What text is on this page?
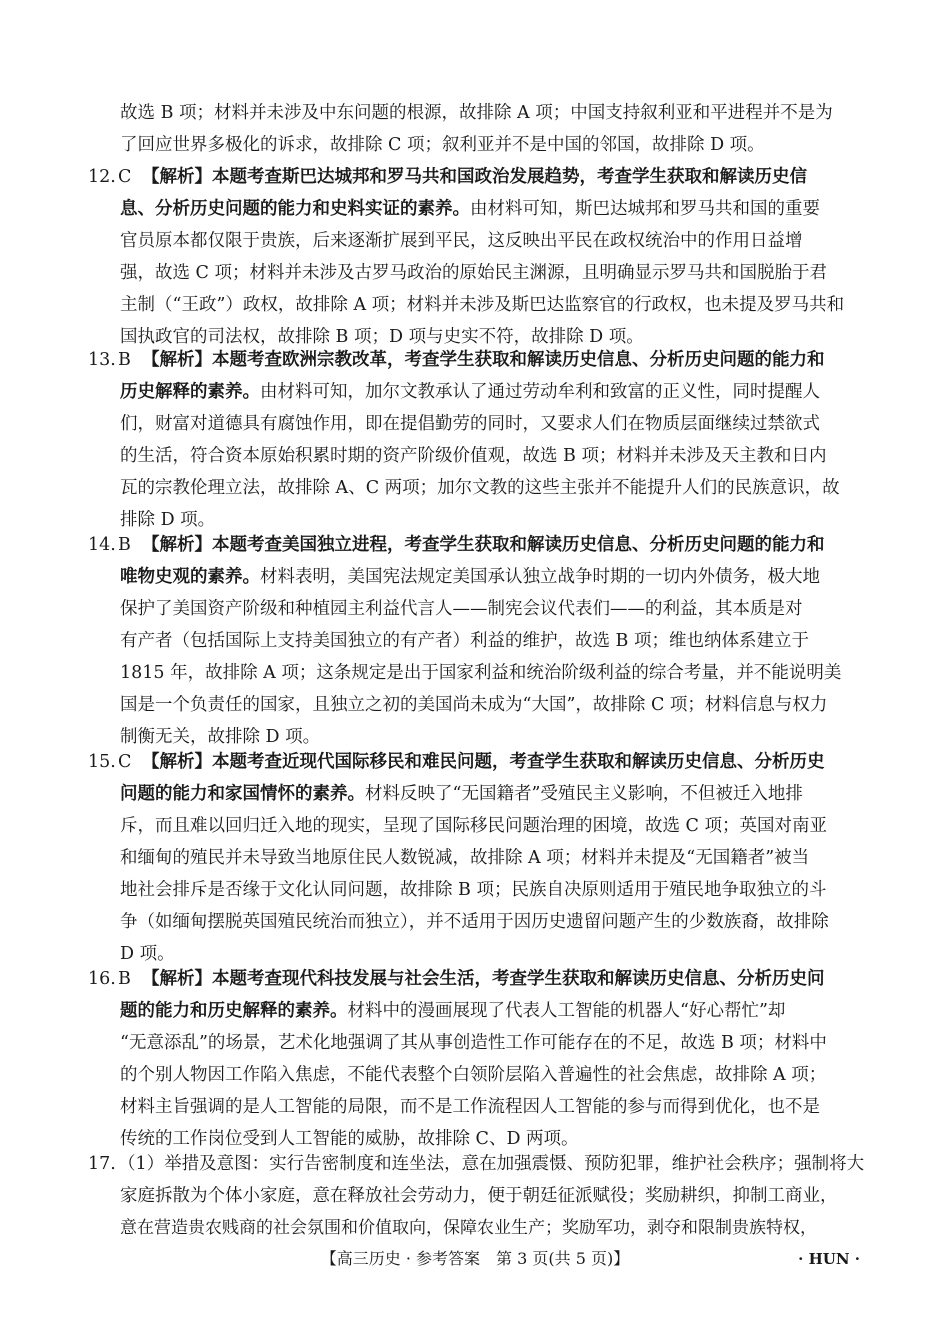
故选 B 项；材料并未涉及中东问题的根源，故排除 A 项；中国支持叙利亚和平进程并不是为
了回应世界多极化的诉求，故排除 C 项；叙利亚并不是中国的邻国，故排除 D 项。
12. C 【解析】本题考查斯巴达城邦和罗马共和国政治发展趋势，考查学生获取和解读历史信
息、分析历史问题的能力和史料实证的素养。由材料可知，斯巴达城邦和罗马共和国的重要
官员原本都仅限于贵族，后来逐渐扩展到平民，这反映出平民在政权统治中的作用日益增
强，故选 C 项；材料并未涉及古罗马政治的原始民主渊源，且明确显示罗马共和国脱胎于君
主制（“王政”）政权，故排除 A 项；材料并未涉及斯巴达监察官的行政权，也未提及罗马共和
国执政官的司法权，故排除 B 项；D 项与史实不符，故排除 D 项。
13. B 【解析】本题考查欧洲宗教改革，考查学生获取和解读历史信息、分析历史问题的能力和
历史解释的素养。由材料可知，加尔文教承认了通过劳动牟利和致富的正义性，同时提醒人
们，财富对道德具有腐蚀作用，即在提倡勤劳的同时，又要求人们在物质层面继续过禁欲式
的生活，符合资本原始积累时期的资产阶级价值观，故选 B 项；材料并未涉及天主教和日内
瓦的宗教伦理立法，故排除 A、C 两项；加尔文教的这些主张并不能提升人们的民族意识，故
排除 D 项。
14. B 【解析】本题考查美国独立进程，考查学生获取和解读历史信息、分析历史问题的能力和
唯物史观的素养。材料表明，美国宪法规定美国承认独立战争时期的一切内外债务，极大地
保护了美国资产阶级和种植园主利益代言人——制宪会议代表们——的利益，其本质是对
有产者（包括国际上支持美国独立的有产者）利益的维护，故选 B 项；维也纳体系建立于
1815 年，故排除 A 项；这条规定是出于国家利益和统治阶级利益的综合考量，并不能说明美
国是一个负责任的国家，且独立之初的美国尚未成为“大国”，故排除 C 项；材料信息与权力
制衡无关，故排除 D 项。
15. C 【解析】本题考查近现代国际移民和难民问题，考查学生获取和解读历史信息、分析历史
问题的能力和家国情怀的素养。材料反映了“无国籍者”受殖民主义影响，不但被迁入地排
斥，而且难以回归迁入地的现实，呈现了国际移民问题治理的困境，故选 C 项；英国对南亚
和缅甸的殖民并未导致当地原住民人数锐减，故排除 A 项；材料并未提及“无国籍者”被当
地社会排斥是否缘于文化认同问题，故排除 B 项；民族自决原则适用于殖民地争取独立的斗
争（如缅甸摆脱英国殖民统治而独立），并不适用于因历史遗留问题产生的少数族裔，故排除
D 项。
16. B 【解析】本题考查现代科技发展与社会生活，考查学生获取和解读历史信息、分析历史问
题的能力和历史解释的素养。材料中的漫画展现了代表人工智能的机器人“好心帮忙”却
“无意添乱”的场景，艺术化地强调了其从事创造性工作可能存在的不足，故选 B 项；材料中
的个别人物因工作陷入焦虑，不能代表整个白领阶层陷入普遍性的社会焦虑，故排除 A 项；
材料主旨强调的是人工智能的局限，而不是工作流程因人工智能的参与而得到优化，也不是
传统的工作岗位受到人工智能的威胁，故排除 C、D 两项。
17. （1）举措及意图：实行告密制度和连坐法，意在加强震慑、预防犯罪，维护社会秩序；强制将大
家庭拆散为个体小家庭，意在释放社会劳动力，便于朝廷征派赋役；奖励耕织，抑制工商业，
【高三历史 · 参考答案　第 3 页(共 5 页)】	· HUN ·
意在营造贵农贱商的社会氛围和价值取向，保障农业生产；奖励军功，剥夺和限制贵族特权，
